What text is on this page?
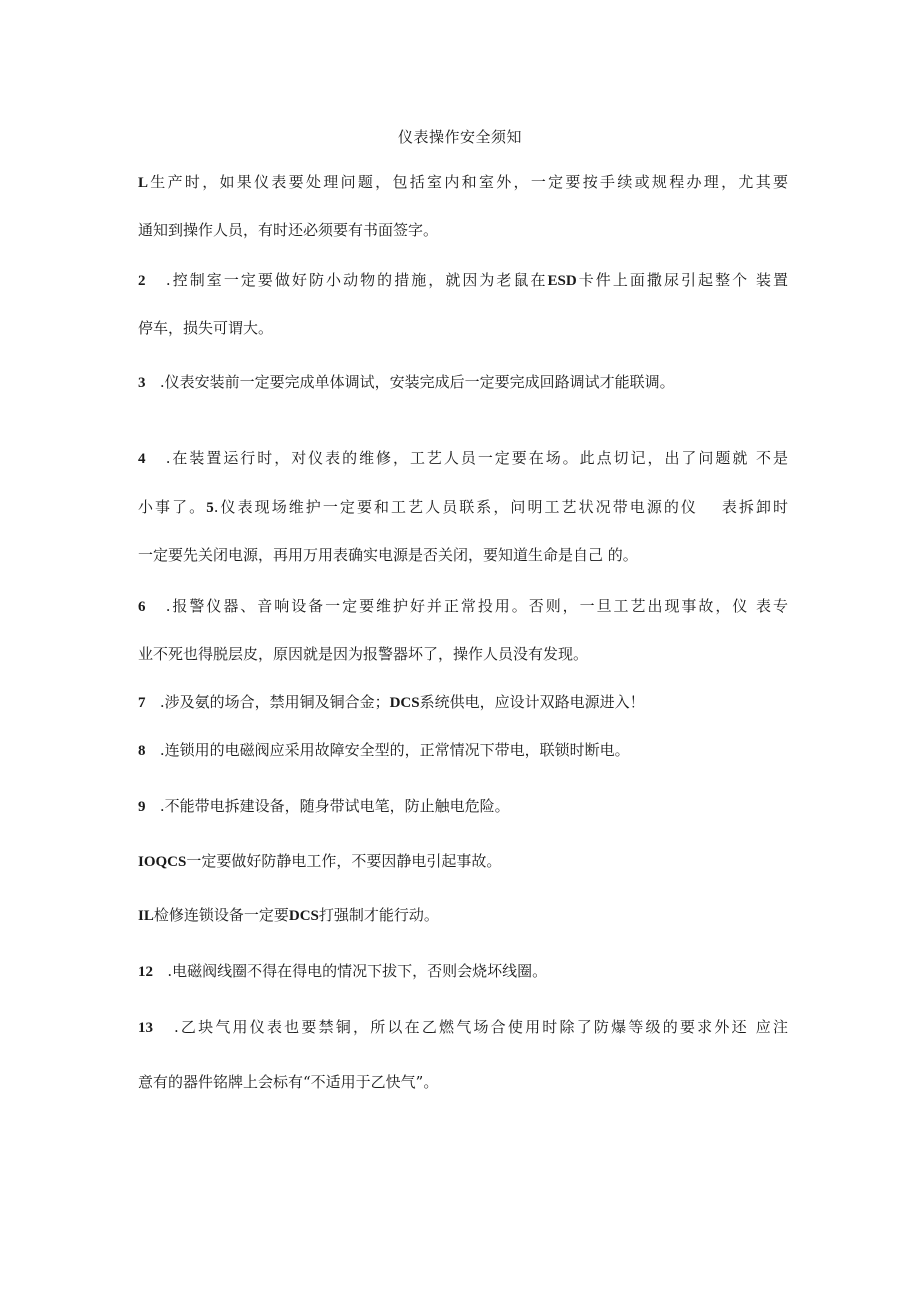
仪表操作安全须知
L生产时，如果仪表要处理问题，包括室内和室外，一定要按手续或规程办理，尤其要
通知到操作人员，有时还必须要有书面签字。
2 .控制室一定要做好防小动物的措施，就因为老鼠在ESD卡件上面撒尿引起整个 装置
停车，损失可谓大。
3 .仪表安装前一定要完成单体调试，安装完成后一定要完成回路调试才能联调。
4 .在装置运行时，对仪表的维修，工艺人员一定要在场。此点切记，出了问题就 不是
小事了。5.仪表现场维护一定要和工艺人员联系，问明工艺状况带电源的仪　 表拆卸时
一定要先关闭电源，再用万用表确实电源是否关闭，要知道生命是自己 的。
6 .报警仪器、音响设备一定要维护好并正常投用。否则，一旦工艺出现事故，仪 表专
业不死也得脱层皮，原因就是因为报警器坏了，操作人员没有发现。
7 .涉及氨的场合，禁用铜及铜合金；DCS系统供电，应设计双路电源进入！
8 .连锁用的电磁阀应采用故障安全型的，正常情况下带电，联锁时断电。
9 .不能带电拆建设备，随身带试电笔，防止触电危险。
IOQCS一定要做好防静电工作，不要因静电引起事故。
IL检修连锁设备一定要DCS打强制才能行动。
12 .电磁阀线圈不得在得电的情况下拔下，否则会烧坏线圈。
13 .乙块气用仪表也要禁铜，所以在乙燃气场合使用时除了防爆等级的要求外还 应注
意有的器件铭牌上会标有“不适用于乙快气”。
